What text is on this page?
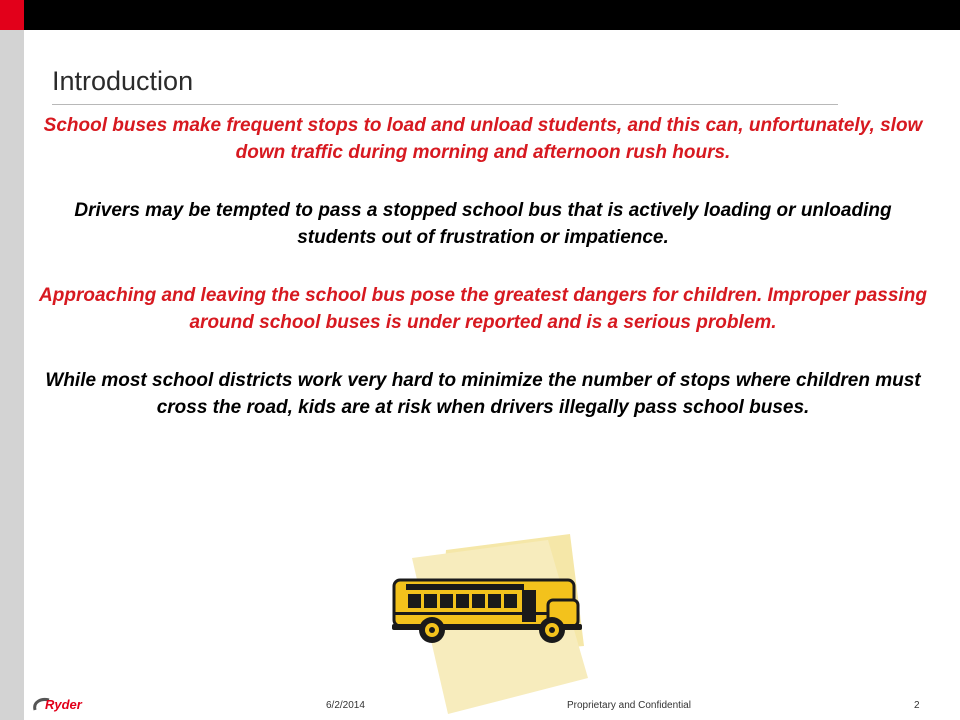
Introduction

School buses make frequent stops to load and unload students, and this can, unfortunately, slow down traffic during morning and afternoon rush hours.

Drivers may be tempted to pass a stopped school bus that is actively loading or unloading students out of frustration or impatience.

Approaching and leaving the school bus pose the greatest dangers for children. Improper passing around school buses is under reported and is a serious problem.

While most school districts work very hard to minimize the number of stops where children must cross the road, kids are at risk when drivers illegally pass school buses.

Ryder	6/2/2014	Proprietary and Confidential	2
